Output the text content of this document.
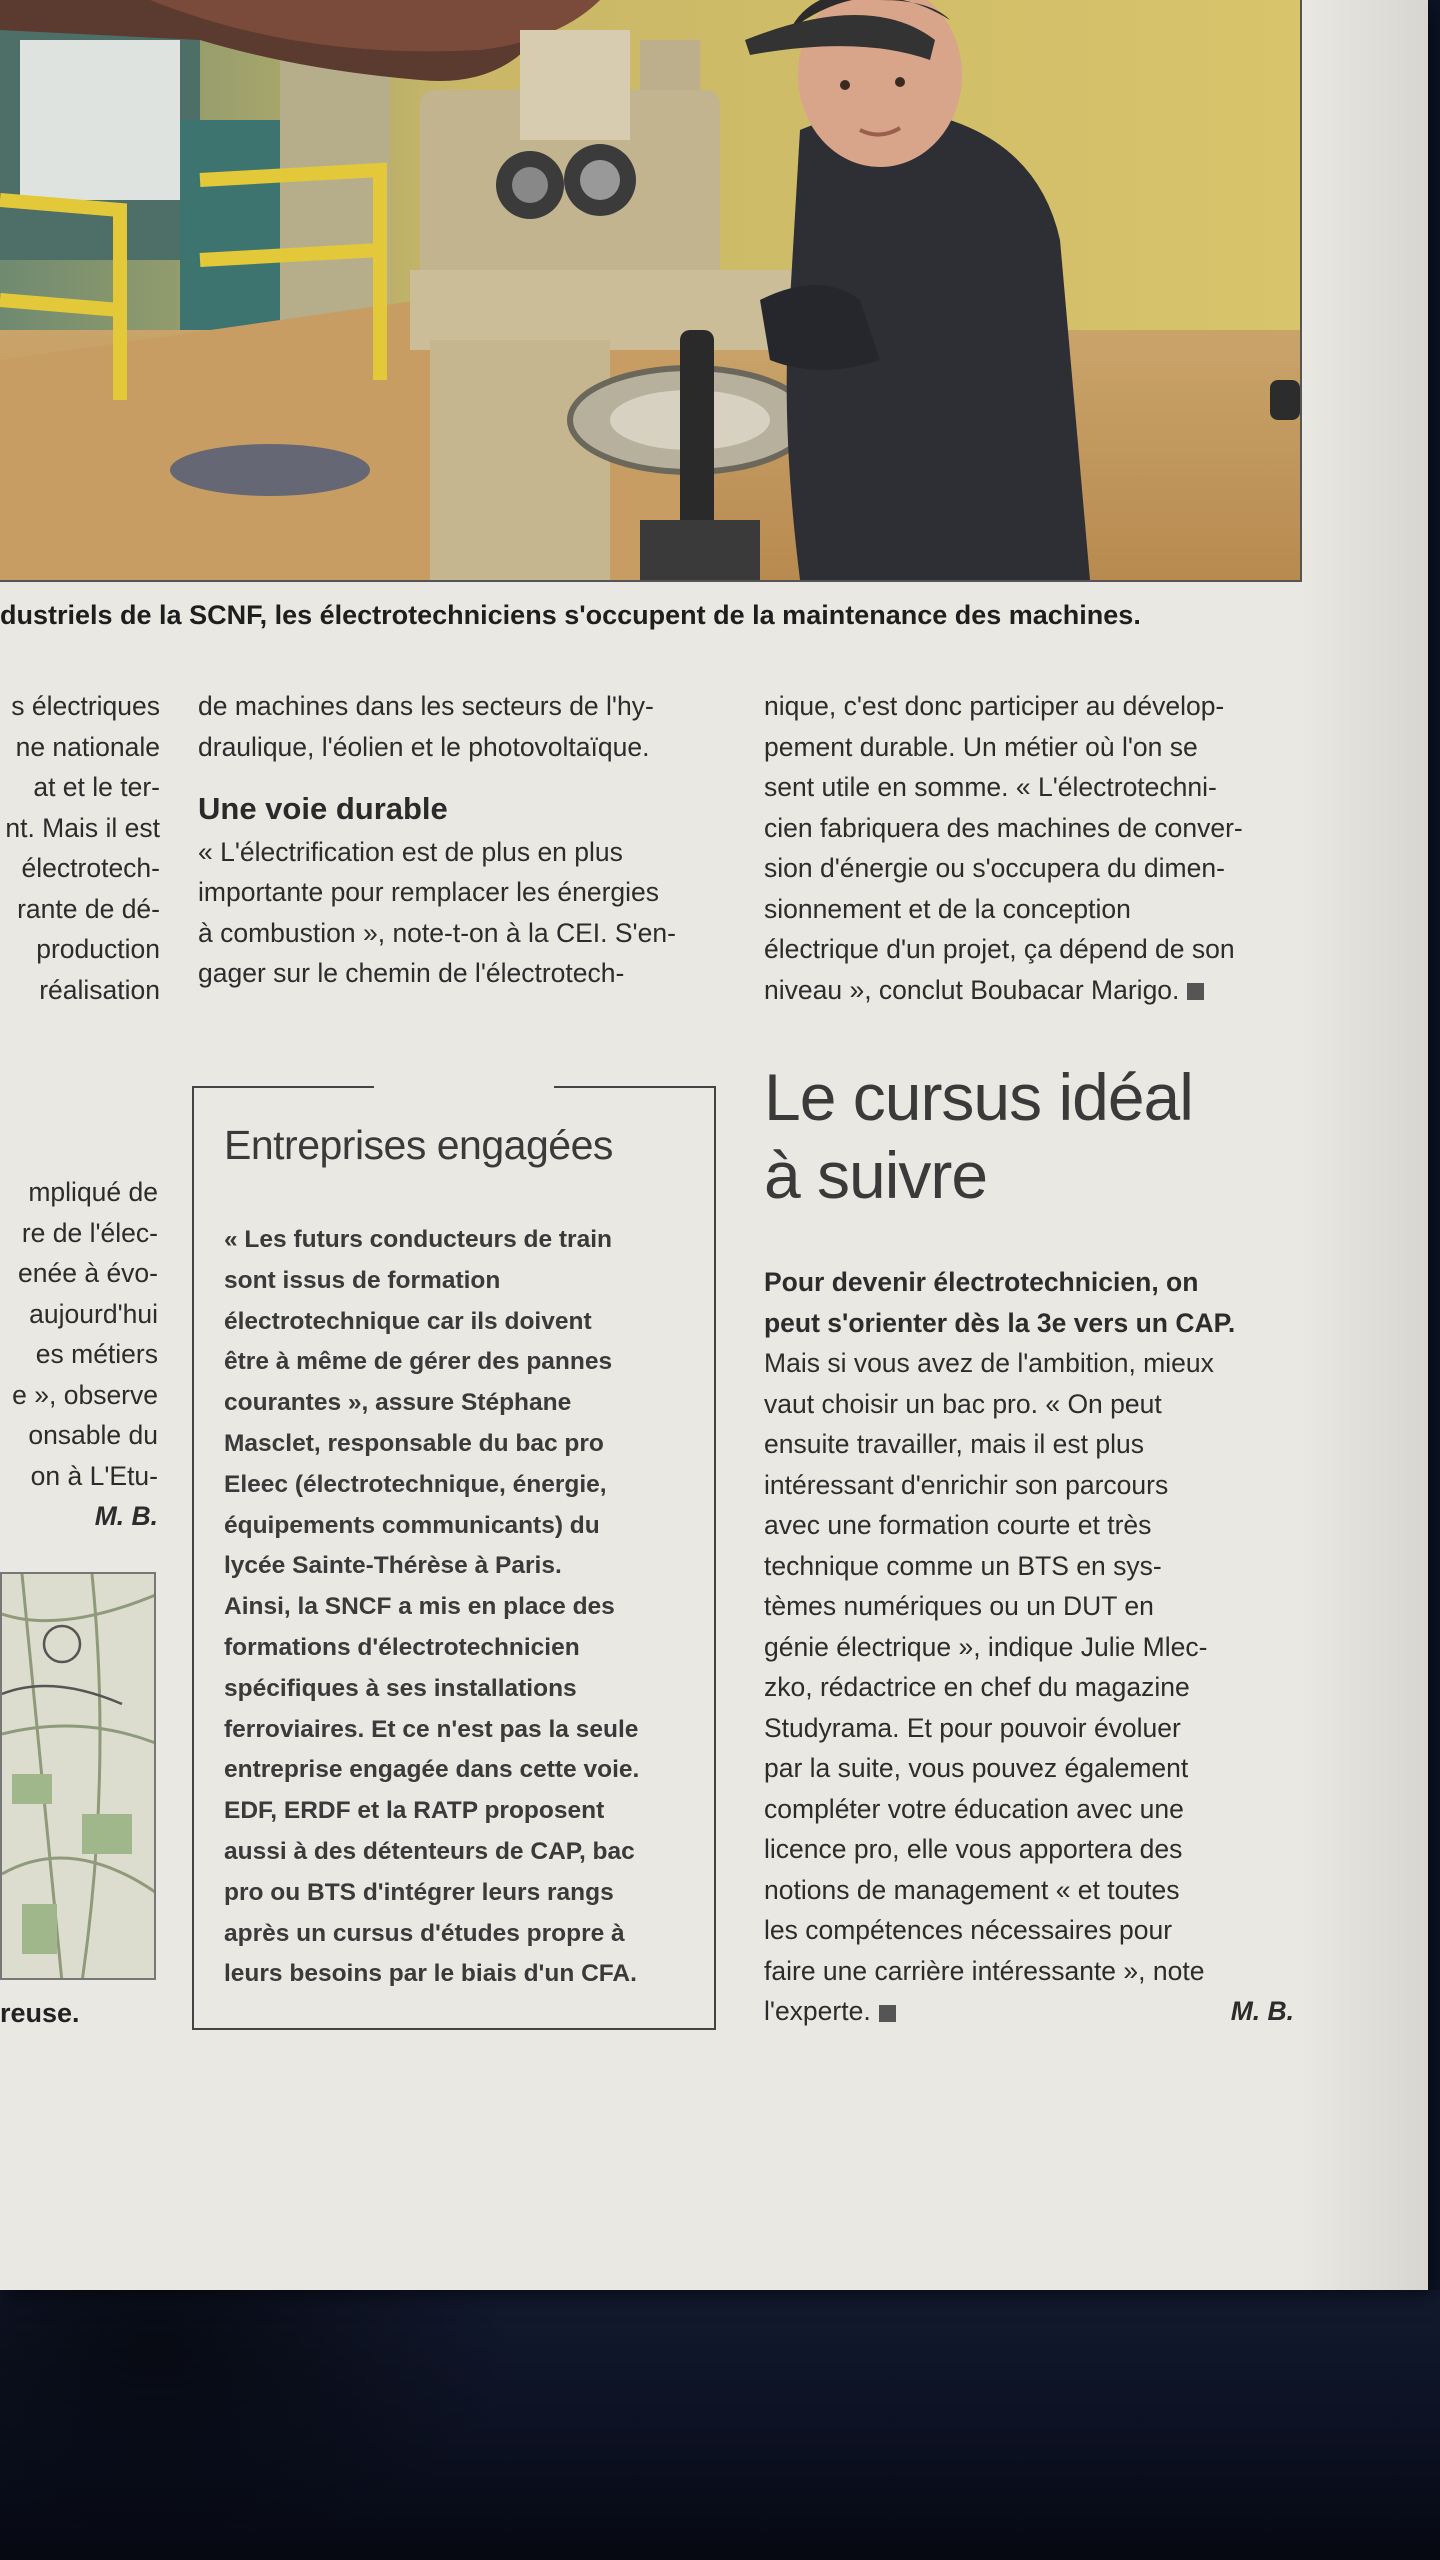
dustriels de la SCNF, les électrotechniciens s'occupent de la maintenance des machines.
s électriques
ne nationale
at et le ter-
nt. Mais il est
électrotech-
rante de dé-
production
réalisation
mpliqué de
re de l'élec-
enée à évo-
aujourd'hui
es métiers
e », observe
onsable du
on à L'Etu-
M. B.
reuse.
de machines dans les secteurs de l'hy-
draulique, l'éolien et le photovoltaïque.
Une voie durable
« L'électrification est de plus en plus
importante pour remplacer les énergies
à combustion », note-t-on à la CEI. S'en-
gager sur le chemin de l'électrotech-
nique, c'est donc participer au dévelop-
pement durable. Un métier où l'on se
sent utile en somme. « L'électrotechni-
cien fabriquera des machines de conver-
sion d'énergie ou s'occupera du dimen-
sionnement et de la conception
électrique d'un projet, ça dépend de son
niveau », conclut Boubacar Marigo.
Entreprises engagées
« Les futurs conducteurs de train
sont issus de formation
électrotechnique car ils doivent
être à même de gérer des pannes
courantes », assure Stéphane
Masclet, responsable du bac pro
Eleec (électrotechnique, énergie,
équipements communicants) du
lycée Sainte-Thérèse à Paris.
Ainsi, la SNCF a mis en place des
formations d'électrotechnicien
spécifiques à ses installations
ferroviaires. Et ce n'est pas la seule
entreprise engagée dans cette voie.
EDF, ERDF et la RATP proposent
aussi à des détenteurs de CAP, bac
pro ou BTS d'intégrer leurs rangs
après un cursus d'études propre à
leurs besoins par le biais d'un CFA.
Le cursus idéal
à suivre
Pour devenir électrotechnicien, on
peut s'orienter dès la 3e vers un CAP.
Mais si vous avez de l'ambition, mieux
vaut choisir un bac pro. « On peut
ensuite travailler, mais il est plus
intéressant d'enrichir son parcours
avec une formation courte et très
technique comme un BTS en sys-
tèmes numériques ou un DUT en
génie électrique », indique Julie Mlec-
zko, rédactrice en chef du magazine
Studyrama. Et pour pouvoir évoluer
par la suite, vous pouvez également
compléter votre éducation avec une
licence pro, elle vous apportera des
notions de management « et toutes
les compétences nécessaires pour
faire une carrière intéressante », note
l'experte.	M. B.
